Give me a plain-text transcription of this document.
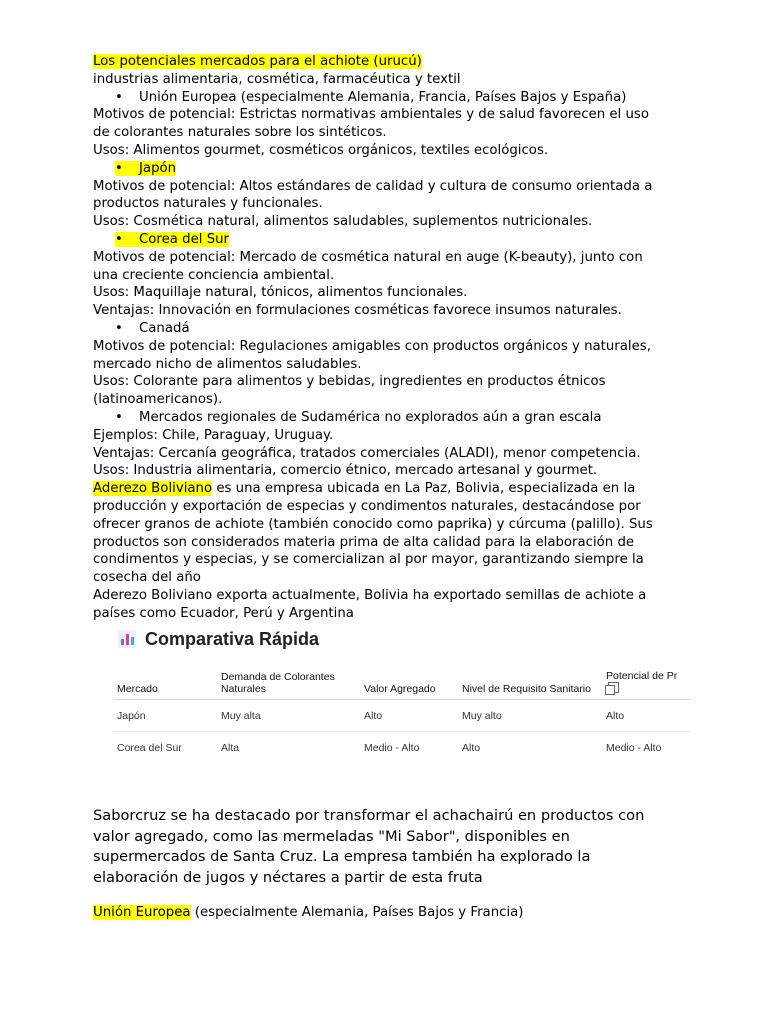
Los potenciales mercados para el achiote (urucú)
industrias alimentaria, cosmética, farmacéutica y textil
• Unión Europea (especialmente Alemania, Francia, Países Bajos y España)
Motivos de potencial: Estrictas normativas ambientales y de salud favorecen el uso
de colorantes naturales sobre los sintéticos.
Usos: Alimentos gourmet, cosméticos orgánicos, textiles ecológicos.
• Japón
Motivos de potencial: Altos estándares de calidad y cultura de consumo orientada a
productos naturales y funcionales.
Usos: Cosmética natural, alimentos saludables, suplementos nutricionales.
• Corea del Sur
Motivos de potencial: Mercado de cosmética natural en auge (K-beauty), junto con
una creciente conciencia ambiental.
Usos: Maquillaje natural, tónicos, alimentos funcionales.
Ventajas: Innovación en formulaciones cosméticas favorece insumos naturales.
• Canadá
Motivos de potencial: Regulaciones amigables con productos orgánicos y naturales,
mercado nicho de alimentos saludables.
Usos: Colorante para alimentos y bebidas, ingredientes en productos étnicos
(latinoamericanos).
• Mercados regionales de Sudamérica no explorados aún a gran escala
Ejemplos: Chile, Paraguay, Uruguay.
Ventajas: Cercanía geográfica, tratados comerciales (ALADI), menor competencia.
Usos: Industria alimentaria, comercio étnico, mercado artesanal y gourmet.
Aderezo Boliviano es una empresa ubicada en La Paz, Bolivia, especializada en la
producción y exportación de especias y condimentos naturales, destacándose por
ofrecer granos de achiote (también conocido como paprika) y cúrcuma (palillo). Sus
productos son considerados materia prima de alta calidad para la elaboración de
condimentos y especias, y se comercializan al por mayor, garantizando siempre la
cosecha del año
Aderezo Boliviano exporta actualmente, Bolivia ha exportado semillas de achiote a
países como Ecuador, Perú y Argentina
Comparativa Rápida
Mercado	Demanda de Colorantes Naturales	Valor Agregado	Nivel de Requisito Sanitario	Potencial de Pr
Japón	Muy alta	Alto	Muy alto	Alto
Corea del Sur	Alta	Medio - Alto	Alto	Medio - Alto
Saborcruz se ha destacado por transformar el achachairú en productos con
valor agregado, como las mermeladas "Mi Sabor", disponibles en
supermercados de Santa Cruz. La empresa también ha explorado la
elaboración de jugos y néctares a partir de esta fruta
Unión Europea (especialmente Alemania, Países Bajos y Francia)
